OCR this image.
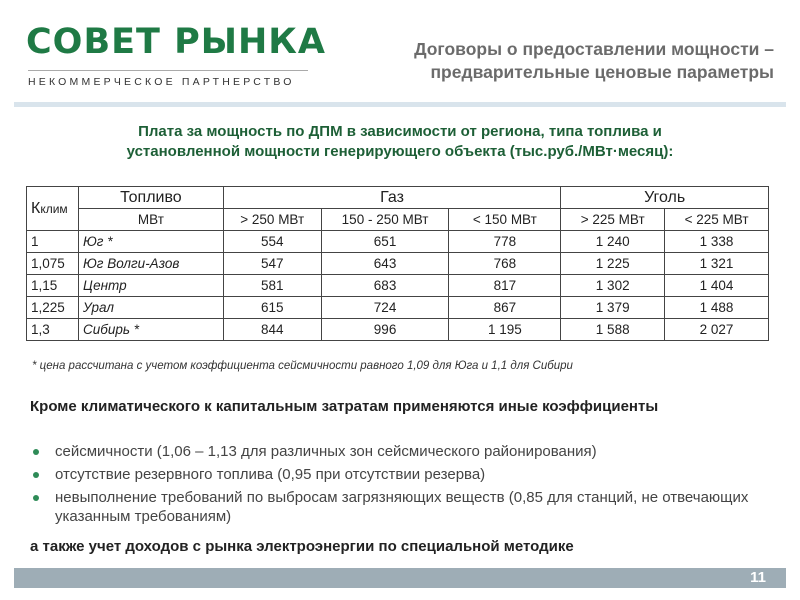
СОВЕТ РЫНКА
НЕКОММЕРЧЕСКОЕ ПАРТНЕРСТВО
Договоры о предоставлении мощности –
предварительные ценовые параметры
Плата за мощность по ДПМ в зависимости от региона, типа топлива и
установленной мощности генерирующего объекта (тыс.руб./МВт·месяц):
Кклим	Топливо	Газ			Уголь	
	МВт	> 250 МВт	150 - 250 МВт	< 150 МВт	> 225 МВт	< 225 МВт
1	Юг *	554	651	778	1 240	1 338
1,075	Юг Волги-Азов	547	643	768	1 225	1 321
1,15	Центр	581	683	817	1 302	1 404
1,225	Урал	615	724	867	1 379	1 488
1,3	Сибирь *	844	996	1 195	1 588	2 027
* цена рассчитана с учетом коэффициента сейсмичности равного 1,09 для Юга и 1,1 для Сибири
Кроме климатического к капитальным затратам применяются иные коэффициенты
сейсмичности (1,06 – 1,13 для различных зон сейсмического районирования)
отсутствие резервного топлива (0,95 при отсутствии резерва)
невыполнение требований по выбросам загрязняющих веществ (0,85 для станций, не отвечающих указанным требованиям)
а также учет доходов с рынка электроэнергии по специальной методике
11
